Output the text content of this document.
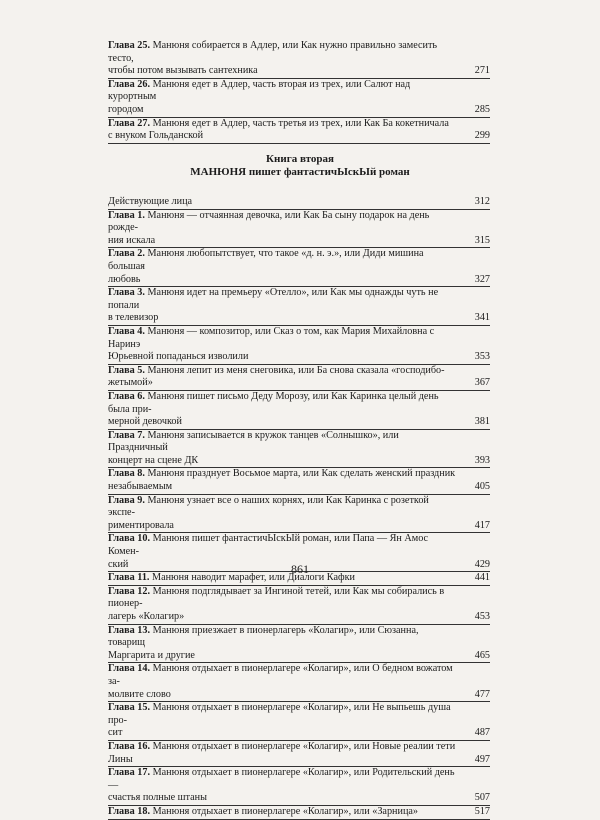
Глава 25. Манюня собирается в Адлер, или Как нужно правильно замесить тесто,
чтобы потом вызывать сантехника	271
Глава 26. Манюня едет в Адлер, часть вторая из трех, или Салют над курортным
городом	285
Глава 27. Манюня едет в Адлер, часть третья из трех, или Как Ба кокетничала
с внуком Гольданской	299
Книга вторая
МАНЮНЯ пишет фантастичЫскЫй роман
Действующие лица	312
Глава 1. Манюня — отчаянная девочка, или Как Ба сыну подарок на день рожде-
ния искала	315
Глава 2. Манюня любопытствует, что такое «д. н. э.», или Диди мишина большая
любовь	327
Глава 3. Манюня идет на премьеру «Отелло», или Как мы однажды чуть не попали
в телевизор	341
Глава 4. Манюня — композитор, или Сказ о том, как Мария Михайловна с Наринэ
Юрьевной попаданься изволили	353
Глава 5. Манюня лепит из меня снеговика, или Ба снова сказала «господибо-
жетымой»	367
Глава 6. Манюня пишет письмо Деду Морозу, или Как Каринка целый день была при-
мерной девочкой	381
Глава 7. Манюня записывается в кружок танцев «Солнышко», или Праздничный
концерт на сцене ДК	393
Глава 8. Манюня празднует Восьмое марта, или Как сделать женский праздник
незабываемым	405
Глава 9. Манюня узнает все о наших корнях, или Как Каринка с розеткой экспе-
риментировала	417
Глава 10. Манюня пишет фантастичЫскЫй роман, или Папа — Ян Амос Комен-
ский	429
Глава 11. Манюня наводит марафет, или Диалоги Кафки	441
Глава 12. Манюня подглядывает за Ингиной тетей, или Как мы собирались в пионер-
лагерь «Колагир»	453
Глава 13. Манюня приезжает в пионерлагерь «Колагир», или Сюзанна, товарищ
Маргарита и другие	465
Глава 14. Манюня отдыхает в пионерлагере «Колагир», или О бедном вожатом за-
молвите слово	477
Глава 15. Манюня отдыхает в пионерлагере «Колагир», или Не выпьешь душа про-
сит	487
Глава 16. Манюня отдыхает в пионерлагере «Колагир», или Новые реалии тети
Лины	497
Глава 17. Манюня отдыхает в пионерлагере «Колагир», или Родительский день —
счастья полные штаны	507
Глава 18. Манюня отдыхает в пионерлагере «Колагир», или «Зарница»	517
861
